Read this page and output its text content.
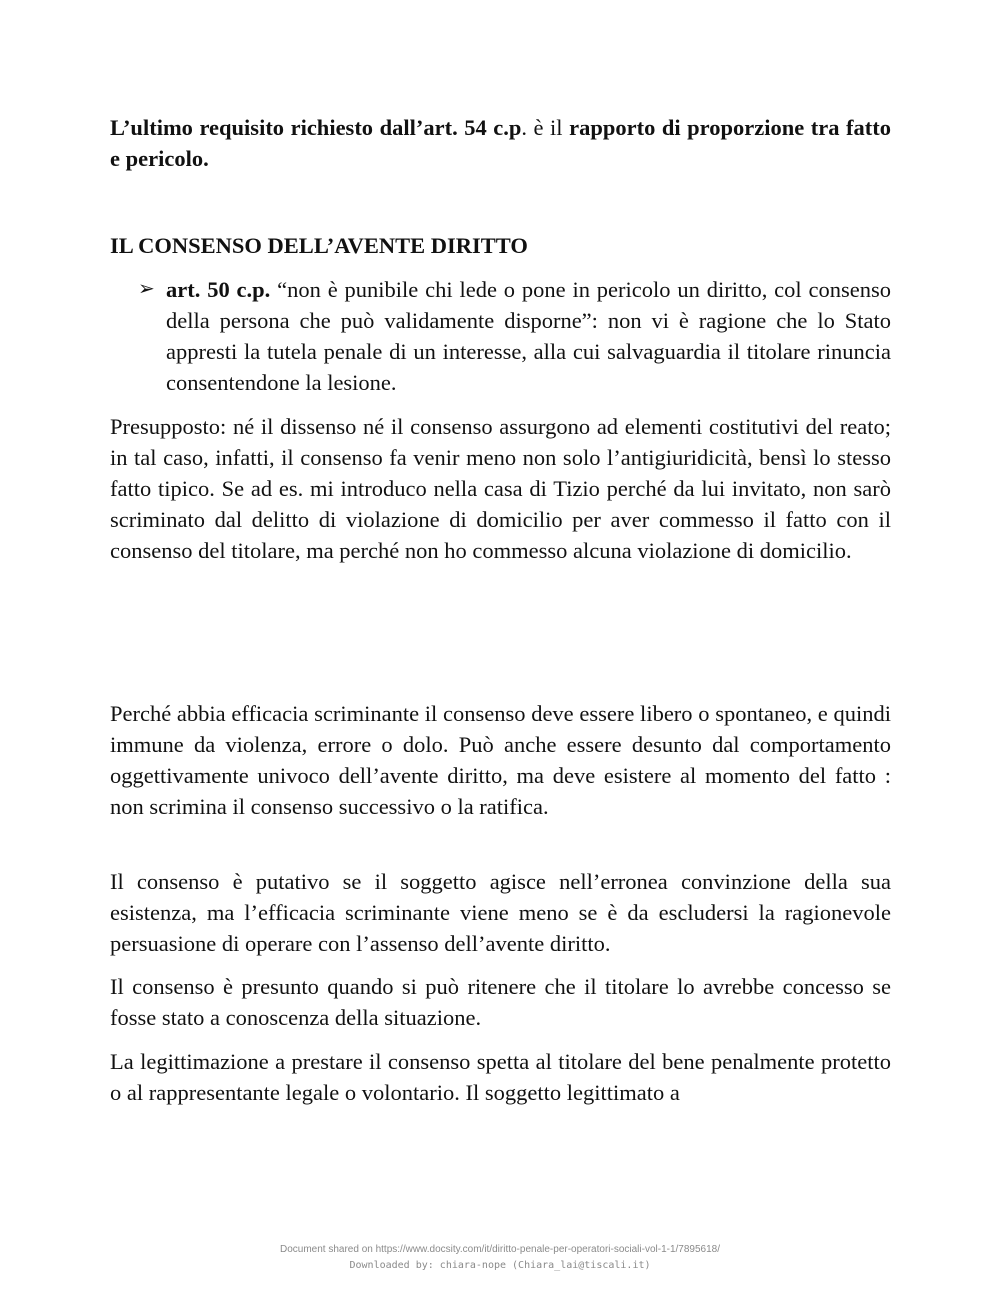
L’ultimo requisito richiesto dall’art. 54 c.p. è il rapporto di proporzione tra fatto e pericolo.

IL CONSENSO DELL’AVENTE DIRITTO

➢ art. 50 c.p. “non è punibile chi lede o pone in pericolo un diritto, col consenso della persona che può validamente disporne”: non vi è ragione che lo Stato appresti la tutela penale di un interesse, alla cui salvaguardia il titolare rinuncia consentendone la lesione.

Presupposto: né il dissenso né il consenso assurgono ad elementi costitutivi del reato; in tal caso, infatti, il consenso fa venir meno non solo l’antigiuridicità, bensì lo stesso fatto tipico. Se ad es. mi introduco nella casa di Tizio perché da lui invitato, non sarò scriminato dal delitto di violazione di domicilio per aver commesso il fatto con il consenso del titolare, ma perché non ho commesso alcuna violazione di domicilio.

Perché abbia efficacia scriminante il consenso deve essere libero o spontaneo, e quindi immune da violenza, errore o dolo. Può anche essere desunto dal comportamento oggettivamente univoco dell’avente diritto, ma deve esistere al momento del fatto : non scrimina il consenso successivo o la ratifica.

Il consenso è putativo se il soggetto agisce nell’erronea convinzione della sua esistenza, ma l’efficacia scriminante viene meno se è da escludersi la ragionevole persuasione di operare con l’assenso dell’avente diritto.

Il consenso è presunto quando si può ritenere che il titolare lo avrebbe concesso se fosse stato a conoscenza della situazione.

La legittimazione a prestare il consenso spetta al titolare del bene penalmente protetto o al rappresentante legale o volontario. Il soggetto legittimato a

Document shared on https://www.docsity.com/it/diritto-penale-per-operatori-sociali-vol-1-1/7895618/
Downloaded by: chiara-nope (Chiara_lai@tiscali.it)
